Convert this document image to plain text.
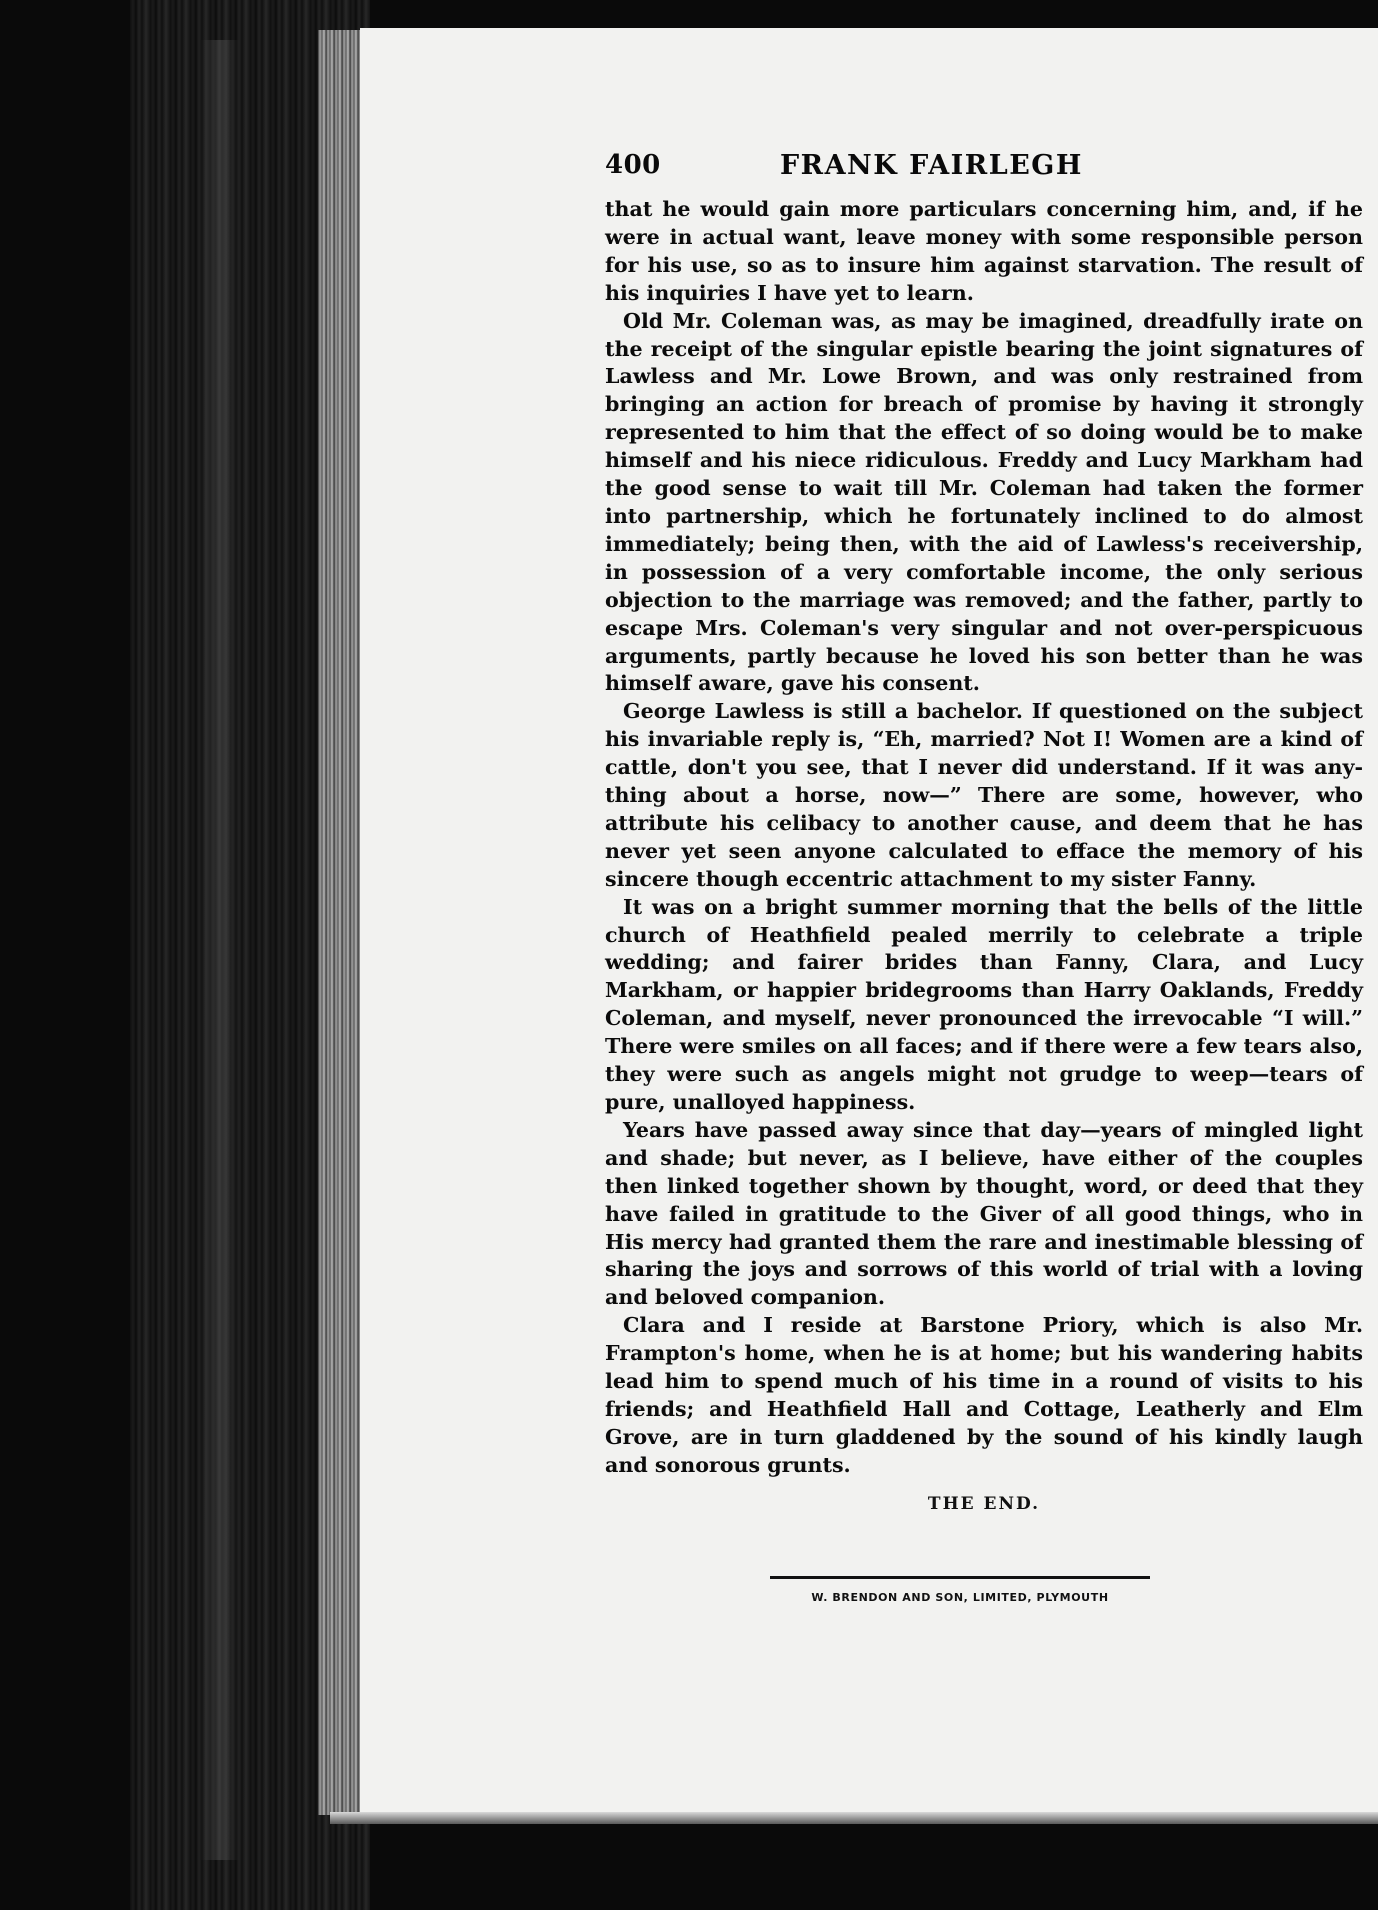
400	FRANK FAIRLEGH

that he would gain more particulars concerning him, and, if he were in actual want, leave money with some responsible person for his use, so as to insure him against starvation. The result of his inquiries I have yet to learn.

Old Mr. Coleman was, as may be imagined, dreadfully irate on the receipt of the singular epistle bearing the joint signatures of Lawless and Mr. Lowe Brown, and was only restrained from bringing an action for breach of promise by having it strongly represented to him that the effect of so doing would be to make himself and his niece ridiculous. Freddy and Lucy Markham had the good sense to wait till Mr. Coleman had taken the former into partnership, which he fortunately inclined to do almost immediately; being then, with the aid of Lawless's receivership, in possession of a very comfortable income, the only serious objection to the marriage was removed; and the father, partly to escape Mrs. Coleman's very singular and not over-perspicuous arguments, partly because he loved his son better than he was himself aware, gave his consent.

George Lawless is still a bachelor. If questioned on the subject his invariable reply is, “Eh, married? Not I! Women are a kind of cattle, don't you see, that I never did understand. If it was any-thing about a horse, now—” There are some, however, who attribute his celibacy to another cause, and deem that he has never yet seen anyone calculated to efface the memory of his sincere though eccentric attachment to my sister Fanny.

It was on a bright summer morning that the bells of the little church of Heathfield pealed merrily to celebrate a triple wedding; and fairer brides than Fanny, Clara, and Lucy Markham, or happier bridegrooms than Harry Oaklands, Freddy Coleman, and myself, never pronounced the irrevocable “I will.” There were smiles on all faces; and if there were a few tears also, they were such as angels might not grudge to weep—tears of pure, unalloyed happiness.

Years have passed away since that day—years of mingled light and shade; but never, as I believe, have either of the couples then linked together shown by thought, word, or deed that they have failed in gratitude to the Giver of all good things, who in His mercy had granted them the rare and inestimable blessing of sharing the joys and sorrows of this world of trial with a loving and beloved companion.

Clara and I reside at Barstone Priory, which is also Mr. Frampton's home, when he is at home; but his wandering habits lead him to spend much of his time in a round of visits to his friends; and Heathfield Hall and Cottage, Leatherly and Elm Grove, are in turn gladdened by the sound of his kindly laugh and sonorous grunts.

THE END.
W. BRENDON AND SON, LIMITED, PLYMOUTH
